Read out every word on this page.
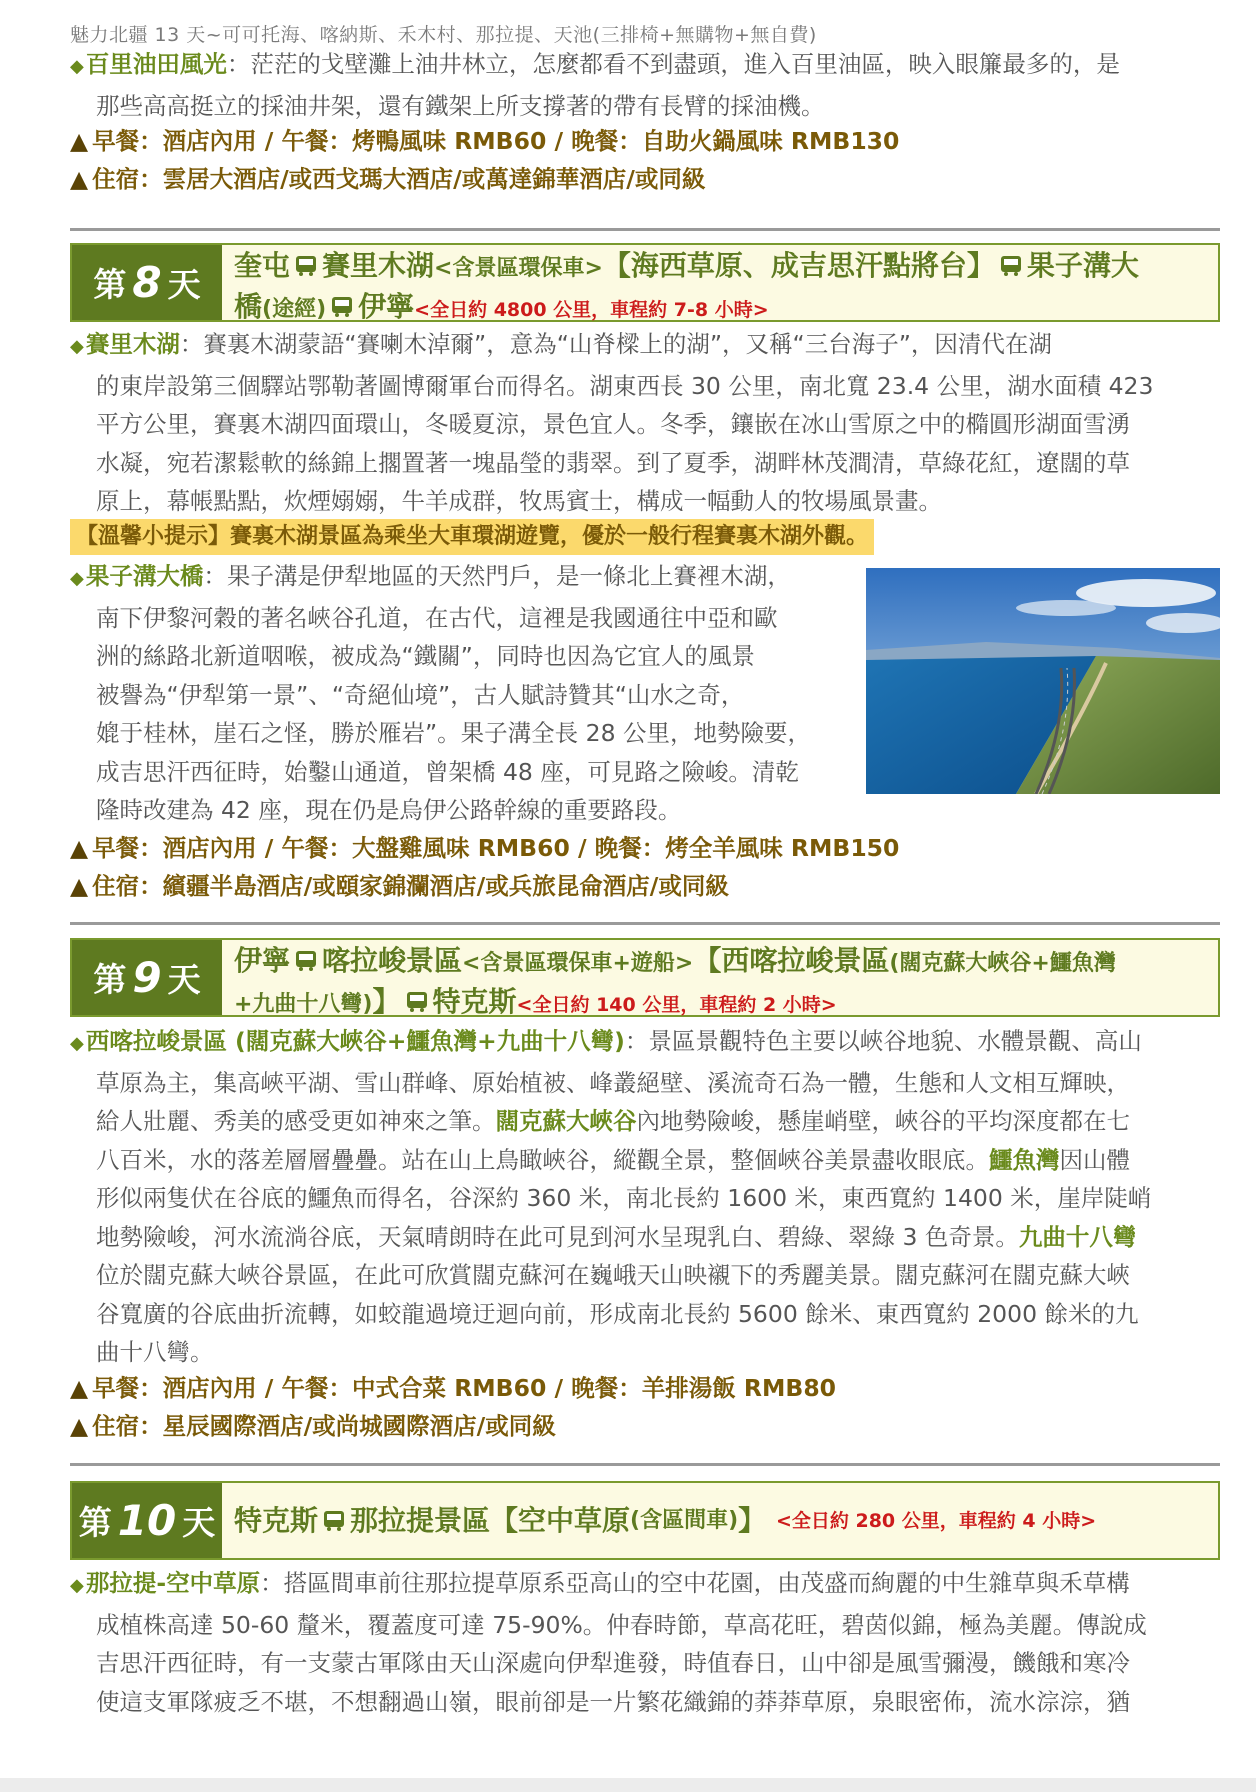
魅力北疆 13 天~可可托海、喀納斯、禾木村、那拉提、天池(三排椅+無購物+無自費)
◆百里油田風光：茫茫的戈壁灘上油井林立，怎麼都看不到盡頭，進入百里油區，映入眼簾最多的，是
那些高高挺立的採油井架，還有鐵架上所支撐著的帶有長臂的採油機。
▲ 早餐：酒店內用 / 午餐：烤鴨風味 RMB60 / 晚餐：自助火鍋風味 RMB130
▲ 住宿：雲居大酒店/或西戈瑪大酒店/或萬達錦華酒店/或同級
第 8 天	奎屯 賽里木湖<含景區環保車>【海西草原、成吉思汗點將台】 果子溝大
橋(途經) 伊寧<全日約 4800 公里，車程約 7-8 小時>
◆賽里木湖：賽裏木湖蒙語“賽喇木淖爾”，意為“山脊樑上的湖”，又稱“三台海子”，因清代在湖
的東岸設第三個驛站鄂勒著圖博爾軍台而得名。湖東西長 30 公里，南北寬 23.4 公里，湖水面積 423
平方公里，賽裏木湖四面環山，冬暖夏涼，景色宜人。冬季，鑲嵌在冰山雪原之中的橢圓形湖面雪湧
水凝，宛若潔鬆軟的絲錦上擱置著一塊晶瑩的翡翠。到了夏季，湖畔林茂澗清，草綠花紅，遼闊的草
原上，幕帳點點，炊煙嫋嫋，牛羊成群，牧馬賓士，構成一幅動人的牧場風景畫。
【溫馨小提示】賽裏木湖景區為乘坐大車環湖遊覽，優於一般行程賽裏木湖外觀。
◆果子溝大橋：果子溝是伊犁地區的天然門戶，是一條北上賽裡木湖，
南下伊黎河穀的著名峽谷孔道，在古代，這裡是我國通往中亞和歐
洲的絲路北新道咽喉，被成為“鐵關”，同時也因為它宜人的風景
被譽為“伊犁第一景”、“奇絕仙境”，古人賦詩贊其“山水之奇，
媲于桂林，崖石之怪，勝於雁岩”。果子溝全長 28 公里，地勢險要，
成吉思汗西征時，始鑿山通道，曾架橋 48 座，可見路之險峻。清乾
隆時改建為 42 座，現在仍是烏伊公路幹線的重要路段。
▲ 早餐：酒店內用 / 午餐：大盤雞風味 RMB60 / 晚餐：烤全羊風味 RMB150
▲ 住宿：繽疆半島酒店/或頤家錦瀾酒店/或兵旅昆侖酒店/或同級
第 9 天	伊寧 喀拉峻景區<含景區環保車+遊船>【西喀拉峻景區(闊克蘇大峽谷+鱷魚灣
+九曲十八彎)】 特克斯<全日約 140 公里，車程約 2 小時>
◆西喀拉峻景區 (闊克蘇大峽谷+鱷魚灣+九曲十八彎)：景區景觀特色主要以峽谷地貌、水體景觀、高山
草原為主，集高峽平湖、雪山群峰、原始植被、峰叢絕壁、溪流奇石為一體，生態和人文相互輝映，
給人壯麗、秀美的感受更如神來之筆。闊克蘇大峽谷內地勢險峻，懸崖峭壁，峽谷的平均深度都在七
八百米，水的落差層層疊疊。站在山上鳥瞰峽谷，縱觀全景，整個峽谷美景盡收眼底。鱷魚灣因山體
形似兩隻伏在谷底的鱷魚而得名，谷深約 360 米，南北長約 1600 米，東西寬約 1400 米，崖岸陡峭
地勢險峻，河水流淌谷底，天氣晴朗時在此可見到河水呈現乳白、碧綠、翠綠 3 色奇景。九曲十八彎
位於闊克蘇大峽谷景區，在此可欣賞闊克蘇河在巍峨天山映襯下的秀麗美景。闊克蘇河在闊克蘇大峽
谷寬廣的谷底曲折流轉，如蛟龍過境迂迴向前，形成南北長約 5600 餘米、東西寬約 2000 餘米的九
曲十八彎。
▲ 早餐：酒店內用 / 午餐：中式合菜 RMB60 / 晚餐：羊排湯飯 RMB80
▲ 住宿：星辰國際酒店/或尚城國際酒店/或同級
第 10 天 特克斯 那拉提景區 【空中草原 (含區間車) 】
<全日約 280 公里，車程約 4 小時>
◆那拉提-空中草原：搭區間車前往那拉提草原系亞高山的空中花園，由茂盛而絢麗的中生雜草與禾草構
成植株高達 50-60 釐米，覆蓋度可達 75-90%。仲春時節，草高花旺，碧茵似錦，極為美麗。傳說成
吉思汗西征時，有一支蒙古軍隊由天山深處向伊犁進發，時值春日，山中卻是風雪彌漫，饑餓和寒冷
使這支軍隊疲乏不堪，不想翻過山嶺，眼前卻是一片繁花織錦的莽莽草原，泉眼密佈，流水淙淙，猶
